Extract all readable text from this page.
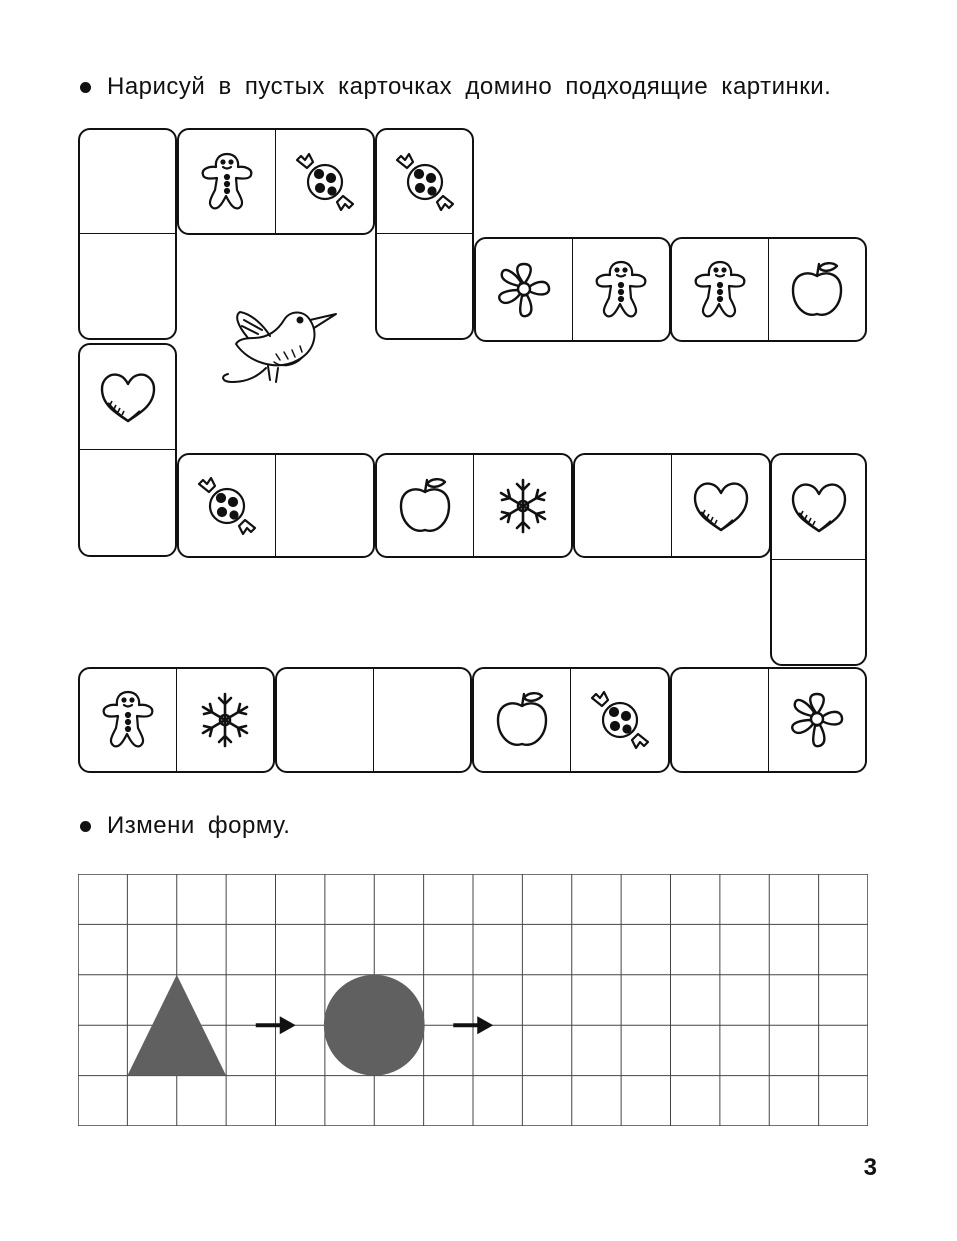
Нарисуй в пустых карточках домино подходящие картинки.
Измени форму.
3
